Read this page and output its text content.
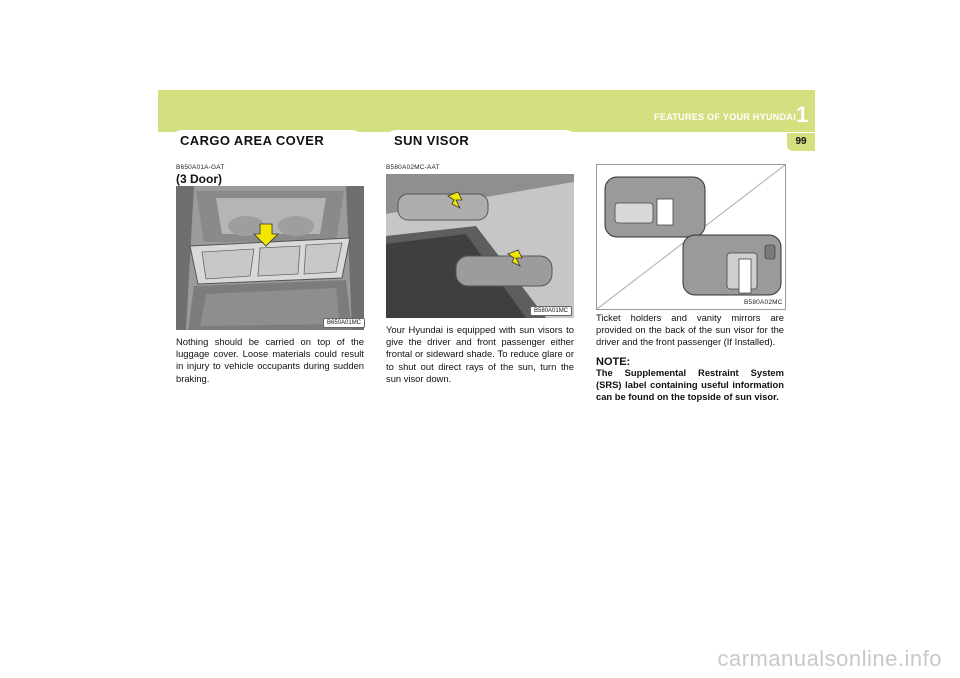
FEATURES OF YOUR HYUNDAI 1
99
CARGO AREA COVER	SUN VISOR
B650A01A-GAT
(3 Door)
B650A01MC
Nothing should be carried on top of the luggage cover. Loose materials could result in injury to vehicle occupants during sudden braking.
B580A02MC-AAT
B580A01MC
Your Hyundai is equipped with sun visors to give the driver and front passenger either frontal or sideward shade. To reduce glare or to shut out direct rays of the sun, turn the sun visor down.
B580A02MC
Ticket holders and vanity mirrors are provided on the back of the sun visor for the driver and the front passenger (If Installed).
NOTE:
The Supplemental Restraint System (SRS) label containing useful information can be found on the topside of sun visor.
carmanualsonline.info
